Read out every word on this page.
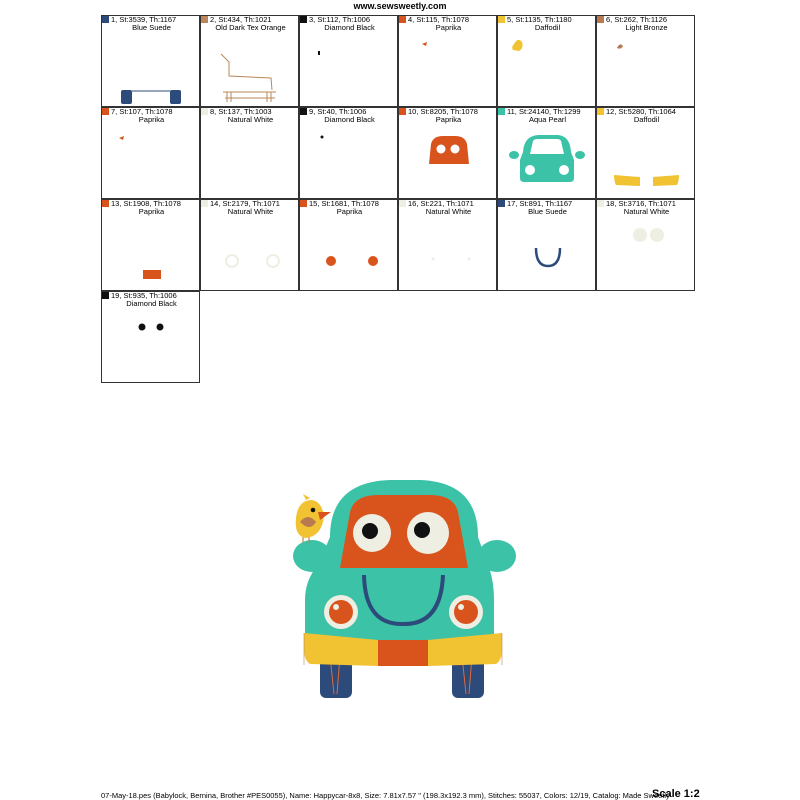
www.sewsweetly.com
1, St:3539, Th:1167
Blue Suede
2, St:434, Th:1021
Old Dark Tex Orange
3, St:112, Th:1006
Diamond Black
4, St:115, Th:1078
Paprika
5, St:1135, Th:1180
Daffodil
6, St:262, Th:1126
Light Bronze
7, St:107, Th:1078
Paprika
8, St:137, Th:1003
Natural White
9, St:40, Th:1006
Diamond Black
10, St:8205, Th:1078
Paprika
11, St:24140, Th:1299
Aqua Pearl
12, St:5280, Th:1064
Daffodil
13, St:1908, Th:1078
Paprika
14, St:2179, Th:1071
Natural White
15, St:1681, Th:1078
Paprika
16, St:221, Th:1071
Natural White
17, St:891, Th:1167
Blue Suede
18, St:3716, Th:1071
Natural White
19, St:935, Th:1006
Diamond Black
07-May-18.pes (Babylock, Bernina, Brother #PES0055), Name: Happycar-8x8, Size: 7.81x7.57 " (198.3x192.3 mm), Stitches: 55037, Colors: 12/19, Catalog: Made Sweetly
Scale 1:2
